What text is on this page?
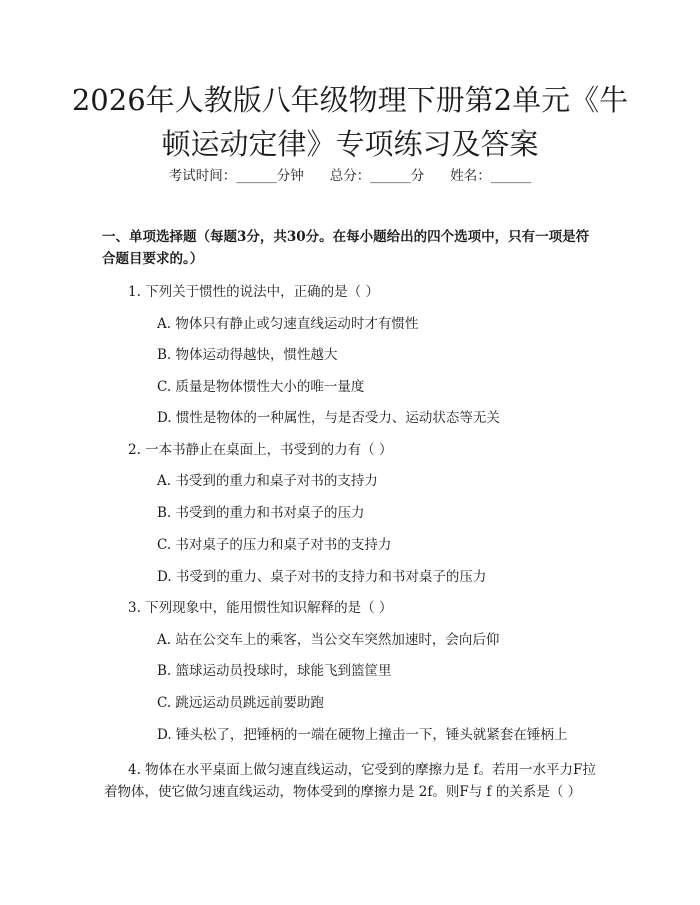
2026年人教版八年级物理下册第2单元《牛顿运动定律》专项练习及答案
考试时间：______分钟 总分：______分 姓名：______
一、单项选择题（每题3分，共30分。在每小题给出的四个选项中，只有一项是符合题目要求的。）
1. 下列关于惯性的说法中，正确的是（ ）
A. 物体只有静止或匀速直线运动时才有惯性
B. 物体运动得越快，惯性越大
C. 质量是物体惯性大小的唯一量度
D. 惯性是物体的一种属性，与是否受力、运动状态等无关
2. 一本书静止在桌面上，书受到的力有（ ）
A. 书受到的重力和桌子对书的支持力
B. 书受到的重力和书对桌子的压力
C. 书对桌子的压力和桌子对书的支持力
D. 书受到的重力、桌子对书的支持力和书对桌子的压力
3. 下列现象中，能用惯性知识解释的是（ ）
A. 站在公交车上的乘客，当公交车突然加速时，会向后仰
B. 篮球运动员投球时，球能飞到篮筐里
C. 跳远运动员跳远前要助跑
D. 锤头松了，把锤柄的一端在硬物上撞击一下，锤头就紧套在锤柄上
4. 物体在水平桌面上做匀速直线运动，它受到的摩擦力是 f。若用一水平力F拉着物体，使它做匀速直线运动，物体受到的摩擦力是 2f。则F与 f 的关系是（ ）
